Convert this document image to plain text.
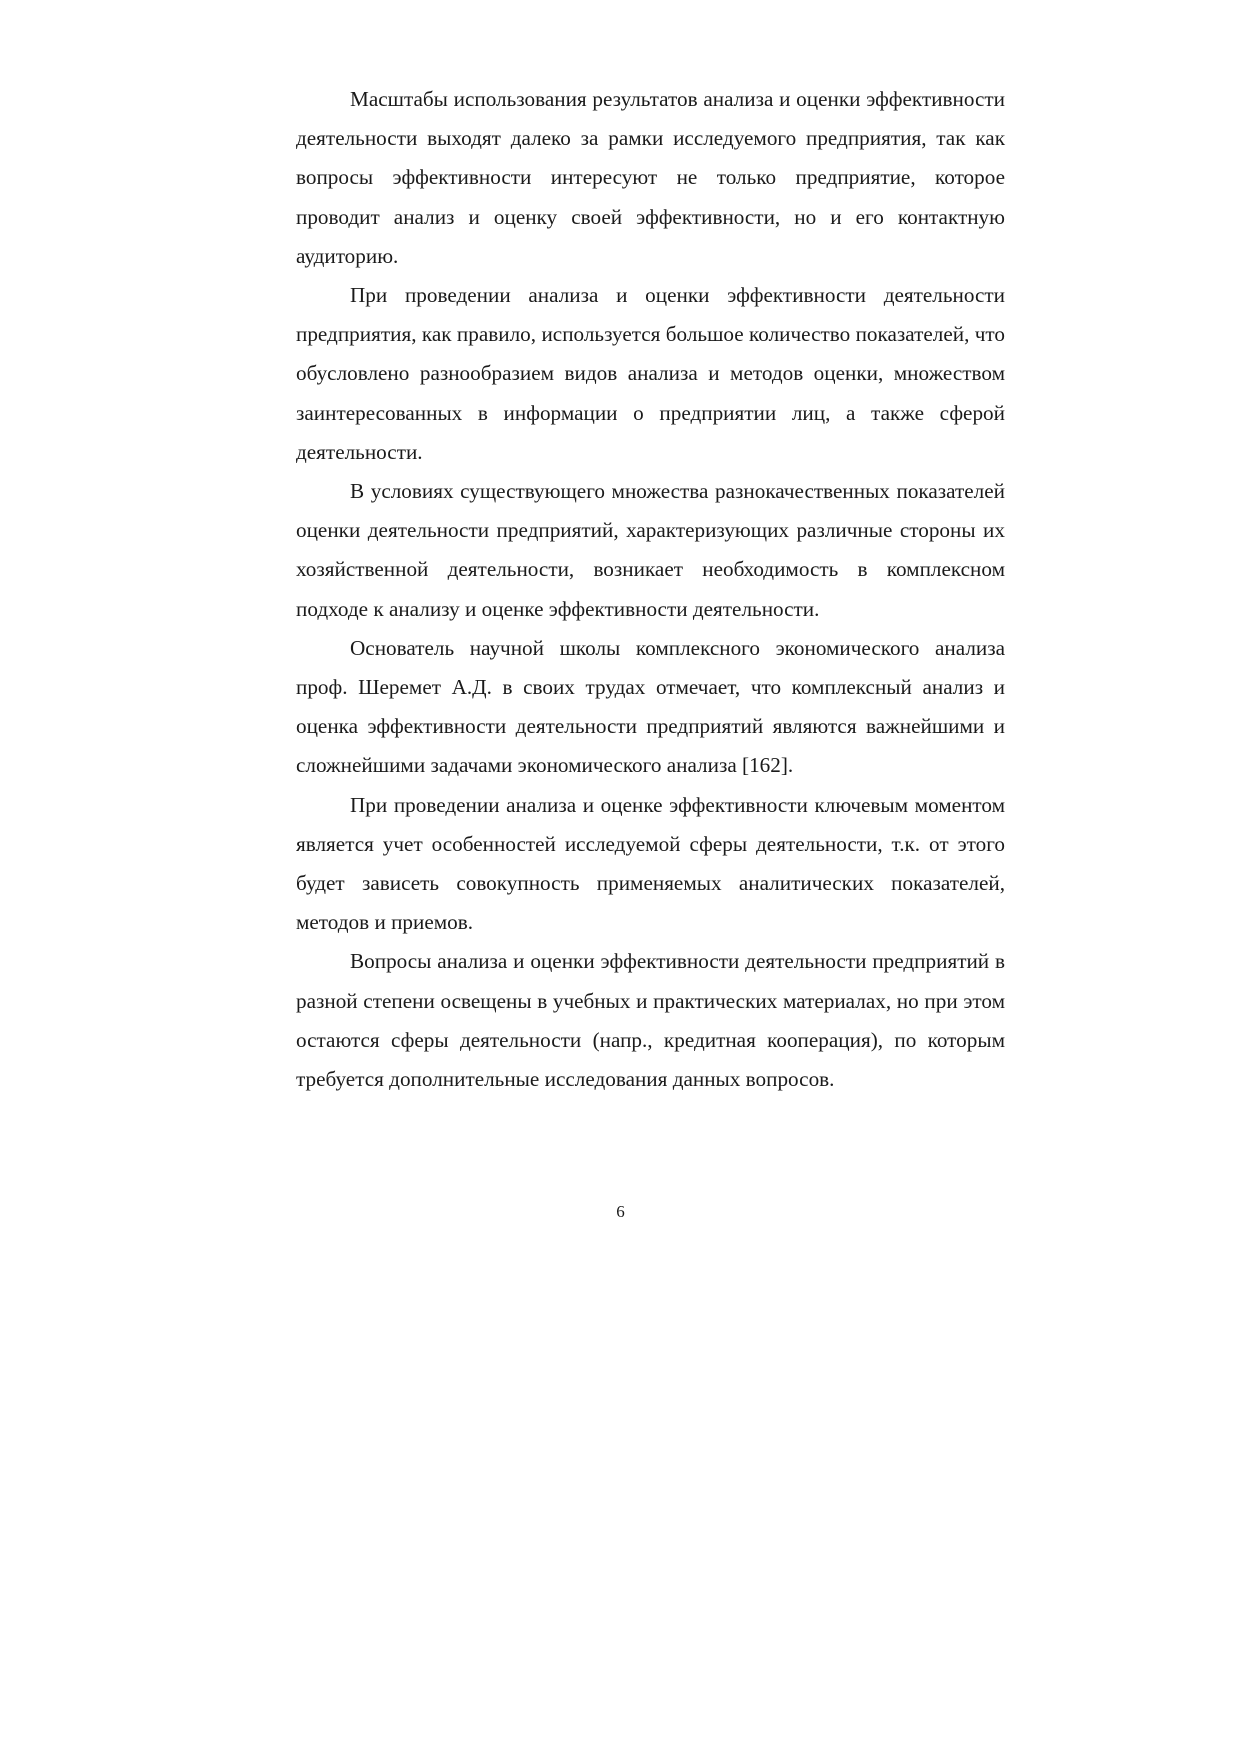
Масштабы использования результатов анализа и оценки эффективности деятельности выходят далеко за рамки исследуемого предприятия, так как вопросы эффективности интересуют не только предприятие, которое проводит анализ и оценку своей эффективности, но и его контактную аудиторию.

При проведении анализа и оценки эффективности деятельности предприятия, как правило, используется большое количество показателей, что обусловлено разнообразием видов анализа и методов оценки, множеством заинтересованных в информации о предприятии лиц, а также сферой деятельности.

В условиях существующего множества разнокачественных показателей оценки деятельности предприятий, характеризующих различные стороны их хозяйственной деятельности, возникает необходимость в комплексном подходе к анализу и оценке эффективности деятельности.

Основатель научной школы комплексного экономического анализа проф. Шеремет А.Д. в своих трудах отмечает, что комплексный анализ и оценка эффективности деятельности предприятий являются важнейшими и сложнейшими задачами экономического анализа [162].

При проведении анализа и оценке эффективности ключевым моментом является учет особенностей исследуемой сферы деятельности, т.к. от этого будет зависеть совокупность применяемых аналитических показателей, методов и приемов.

Вопросы анализа и оценки эффективности деятельности предприятий в разной степени освещены в учебных и практических материалах, но при этом остаются сферы деятельности (напр., кредитная кооперация), по которым требуется дополнительные исследования данных вопросов.

6
